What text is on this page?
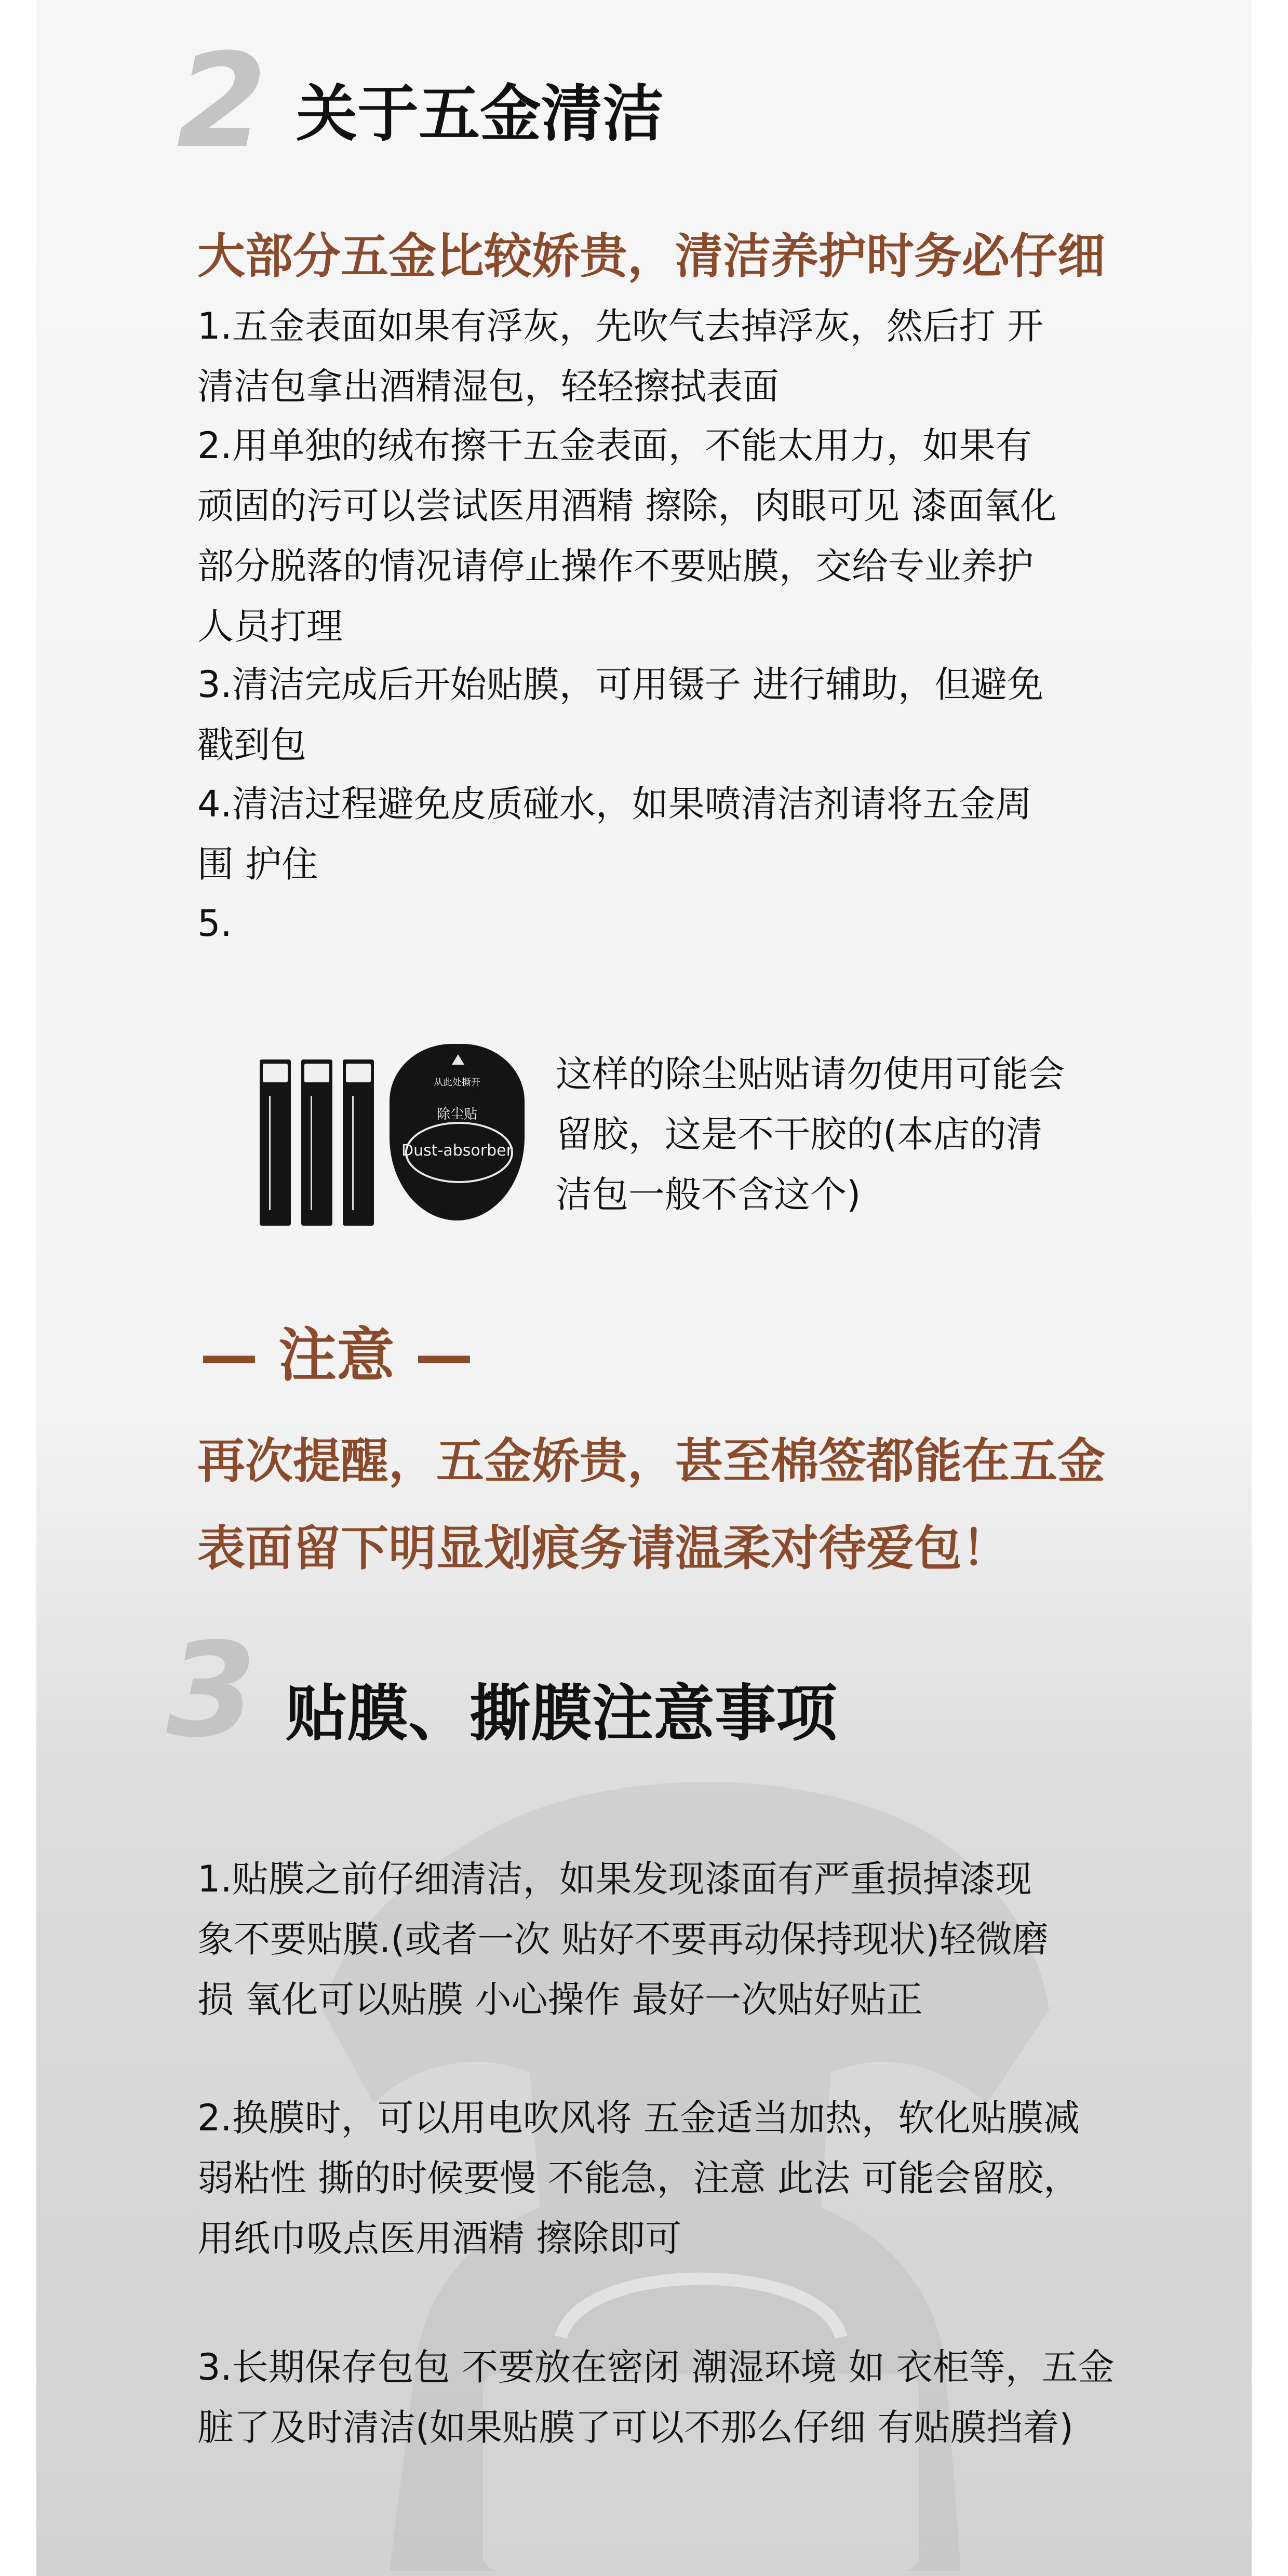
2 关于五金清洁
大部分五金比较娇贵，清洁养护时务必仔细
1.五金表面如果有浮灰，先吹气去掉浮灰，然后打 开
清洁包拿出酒精湿包，轻轻擦拭表面
2.用单独的绒布擦干五金表面，不能太用力，如果有
顽固的污可以尝试医用酒精 擦除，肉眼可见 漆面氧化
部分脱落的情况请停止操作不要贴膜，交给专业养护
人员打理
3.清洁完成后开始贴膜，可用镊子 进行辅助，但避免
戳到包
4.清洁过程避免皮质碰水，如果喷清洁剂请将五金周
围 护住
5.
从此处撕开
除尘贴
Dust-absorber
这样的除尘贴贴请勿使用可能会
留胶，这是不干胶的(本店的清
洁包一般不含这个)
— 注意 —
再次提醒，五金娇贵，甚至棉签都能在五金
表面留下明显划痕务请温柔对待爱包！
3 贴膜、撕膜注意事项
1.贴膜之前仔细清洁，如果发现漆面有严重损掉漆现
象不要贴膜.(或者一次 贴好不要再动保持现状)轻微磨
损 氧化可以贴膜 小心操作 最好一次贴好贴正
2.换膜时，可以用电吹风将 五金适当加热，软化贴膜减
弱粘性 撕的时候要慢 不能急，注意 此法 可能会留胶，
用纸巾吸点医用酒精 擦除即可
3.长期保存包包 不要放在密闭 潮湿环境 如 衣柜等，五金
脏了及时清洁(如果贴膜了可以不那么仔细 有贴膜挡着)
